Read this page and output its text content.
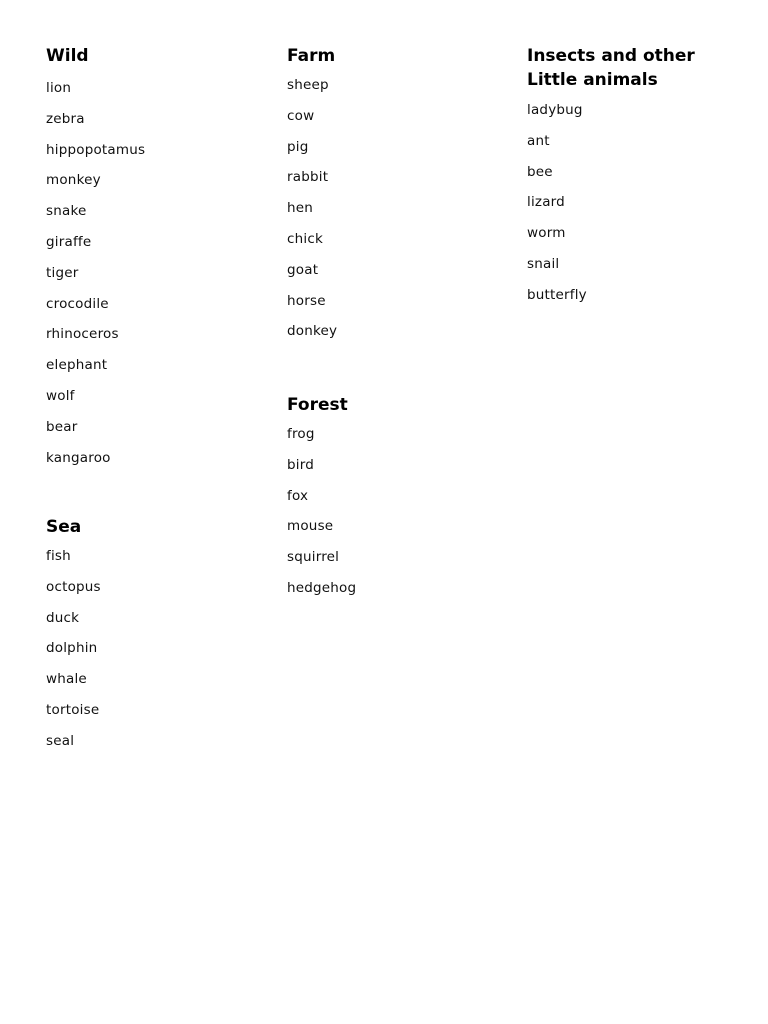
Wild
lion
zebra
hippopotamus
monkey
snake
giraffe
tiger
crocodile
rhinoceros
elephant
wolf
bear
kangaroo
Sea
fish
octopus
duck
dolphin
whale
tortoise
seal
Farm
sheep
cow
pig
rabbit
hen
chick
goat
horse
donkey
Forest
frog
bird
fox
mouse
squirrel
hedgehog
Insects and other
Little animals
ladybug
ant
bee
lizard
worm
snail
butterfly
